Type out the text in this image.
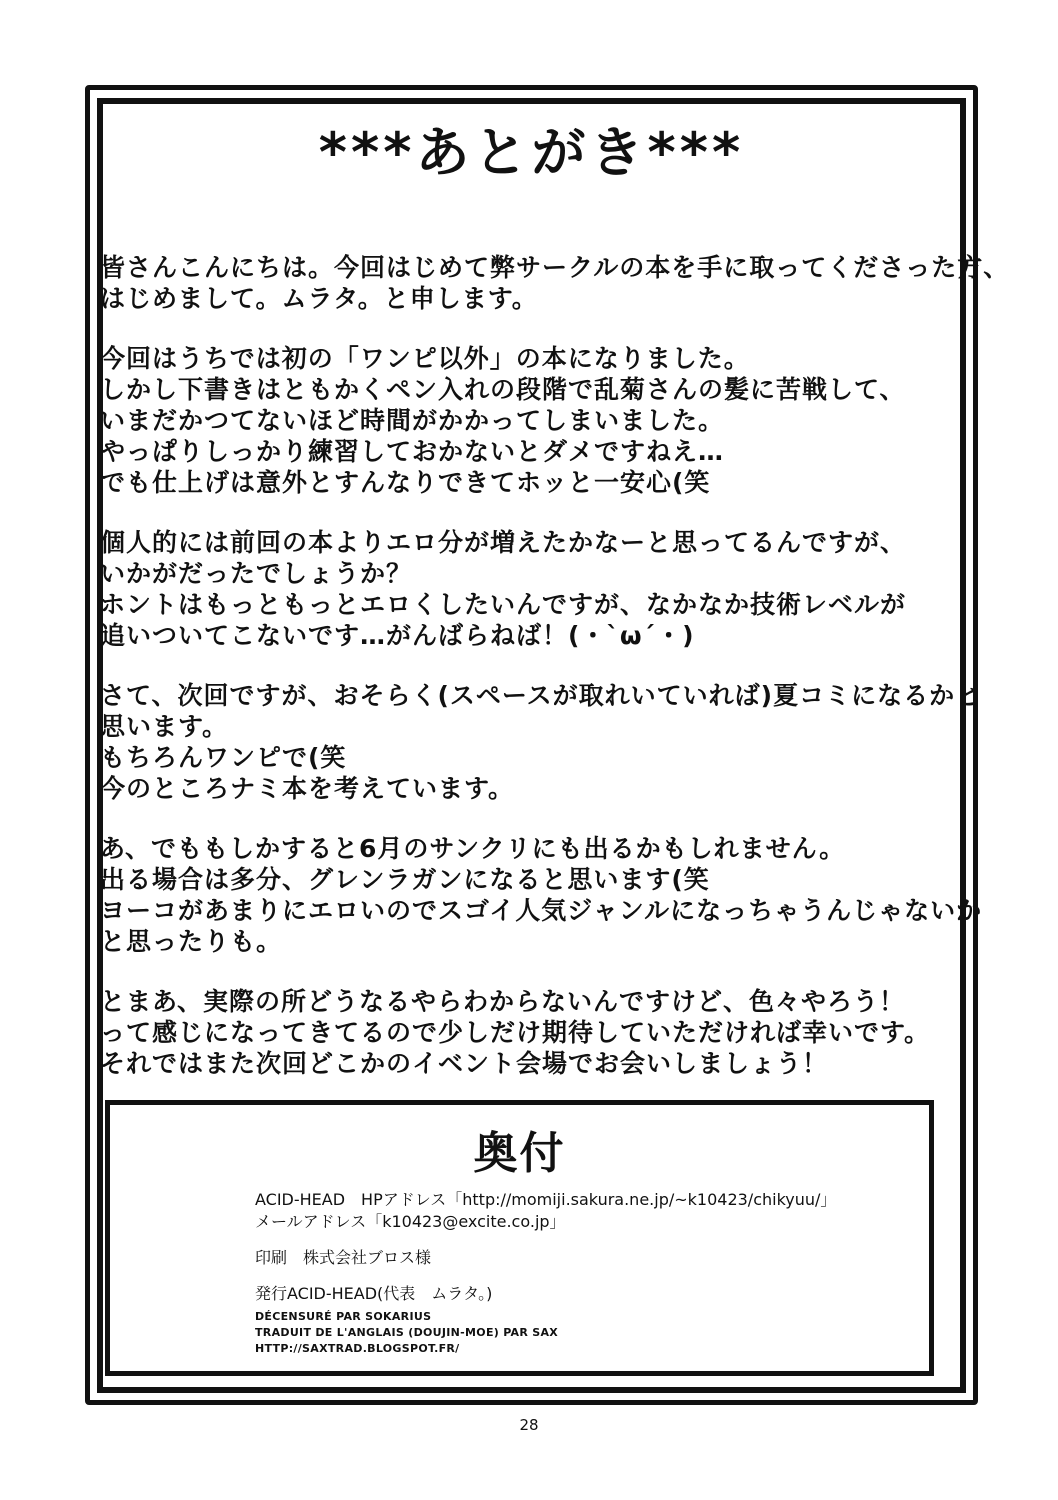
***あとがき***

皆さんこんにちは。今回はじめて弊サークルの本を手に取ってくださった方、
はじめまして。ムラタ。と申します。

今回はうちでは初の「ワンピ以外」の本になりました。
しかし下書きはともかくペン入れの段階で乱菊さんの髪に苦戦して、
いまだかつてないほど時間がかかってしまいました。
やっぱりしっかり練習しておかないとダメですねえ…
でも仕上げは意外とすんなりできてホッと一安心(笑

個人的には前回の本よりエロ分が増えたかなーと思ってるんですが、
いかがだったでしょうか？
ホントはもっともっとエロくしたいんですが、なかなか技術レベルが
追いついてこないです…がんばらねば！(・`ω´・)

さて、次回ですが、おそらく(スペースが取れいていれば)夏コミになるかと
思います。
もちろんワンピで(笑
今のところナミ本を考えています。

あ、でももしかすると6月のサンクリにも出るかもしれません。
出る場合は多分、グレンラガンになると思います(笑
ヨーコがあまりにエロいのでスゴイ人気ジャンルになっちゃうんじゃないか
と思ったりも。

とまあ、実際の所どうなるやらわからないんですけど、色々やろう！
って感じになってきてるので少しだけ期待していただければ幸いです。
それではまた次回どこかのイベント会場でお会いしましょう！

奥付
ACID-HEAD　HPアドレス「http://momiji.sakura.ne.jp/~k10423/chikyuu/」
メールアドレス「k10423@excite.co.jp」
印刷　株式会社ブロス様
発行ACID-HEAD(代表　ムラタ。)
DÉCENSURÉ PAR SOKARIUS
TRADUIT DE L'ANGLAIS (DOUJIN-MOE) PAR SAX
HTTP://SAXTRAD.BLOGSPOT.FR/
28
